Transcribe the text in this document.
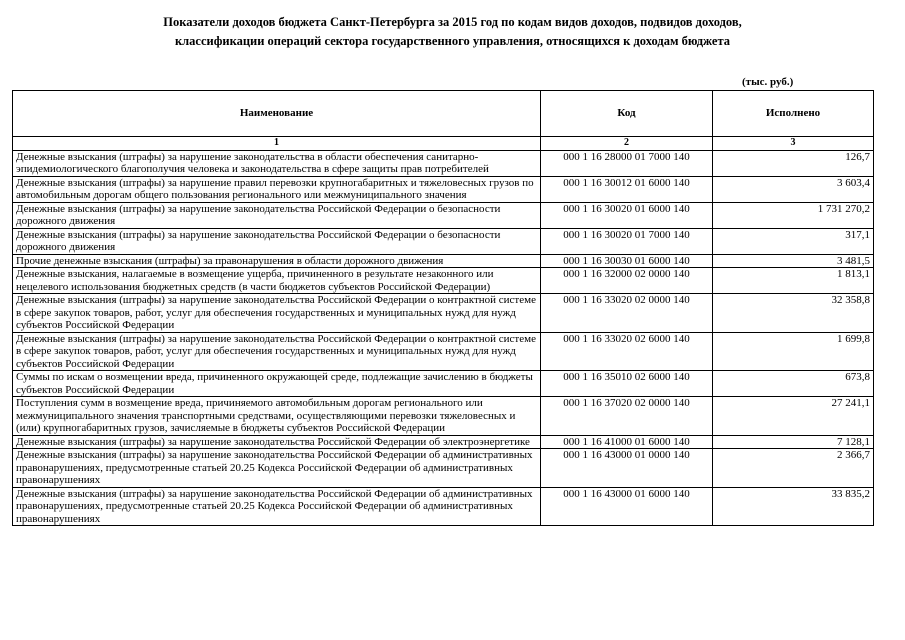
Показатели доходов бюджета Санкт-Петербурга за 2015 год по кодам видов доходов, подвидов доходов,
классификации операций сектора государственного управления, относящихся к доходам бюджета
(тыс. руб.)
Наименование	Код	Исполнено
1	2	3
Денежные взыскания (штрафы) за нарушение законодательства в области обеспечения санитарно-эпидемиологического благополучия человека и законодательства в сфере защиты прав потребителей	000 1 16 28000 01 7000 140	126,7
Денежные взыскания (штрафы) за нарушение правил перевозки крупногабаритных и тяжеловесных грузов по автомобильным дорогам общего пользования регионального или межмуниципального значения	000 1 16 30012 01 6000 140	3 603,4
Денежные взыскания (штрафы) за нарушение законодательства Российской Федерации о безопасности дорожного движения	000 1 16 30020 01 6000 140	1 731 270,2
Денежные взыскания (штрафы) за нарушение законодательства Российской Федерации о безопасности дорожного движения	000 1 16 30020 01 7000 140	317,1
Прочие денежные взыскания (штрафы) за правонарушения в области дорожного движения	000 1 16 30030 01 6000 140	3 481,5
Денежные взыскания, налагаемые в возмещение ущерба, причиненного в результате незаконного или нецелевого использования бюджетных средств (в части бюджетов субъектов Российской Федерации)	000 1 16 32000 02 0000 140	1 813,1
Денежные взыскания (штрафы) за нарушение законодательства Российской Федерации о контрактной системе в сфере закупок товаров, работ, услуг для обеспечения государственных и муниципальных нужд для нужд субъектов Российской Федерации	000 1 16 33020 02 0000 140	32 358,8
Денежные взыскания (штрафы) за нарушение законодательства Российской Федерации о контрактной системе в сфере закупок товаров, работ, услуг для обеспечения государственных и муниципальных нужд для нужд субъектов Российской Федерации	000 1 16 33020 02 6000 140	1 699,8
Суммы по искам о возмещении вреда, причиненного окружающей среде, подлежащие зачислению в бюджеты субъектов Российской Федерации	000 1 16 35010 02 6000 140	673,8
Поступления сумм в возмещение вреда, причиняемого автомобильным дорогам регионального или межмуниципального значения транспортными средствами, осуществляющими перевозки тяжеловесных и (или) крупногабаритных грузов, зачисляемые в бюджеты субъектов Российской Федерации	000 1 16 37020 02 0000 140	27 241,1
Денежные взыскания (штрафы) за нарушение законодательства Российской Федерации об электроэнергетике	000 1 16 41000 01 6000 140	7 128,1
Денежные взыскания (штрафы) за нарушение законодательства Российской Федерации об административных правонарушениях, предусмотренные статьей 20.25 Кодекса Российской Федерации об административных правонарушениях	000 1 16 43000 01 0000 140	2 366,7
Денежные взыскания (штрафы) за нарушение законодательства Российской Федерации об административных правонарушениях, предусмотренные статьей 20.25 Кодекса Российской Федерации об административных правонарушениях	000 1 16 43000 01 6000 140	33 835,2
